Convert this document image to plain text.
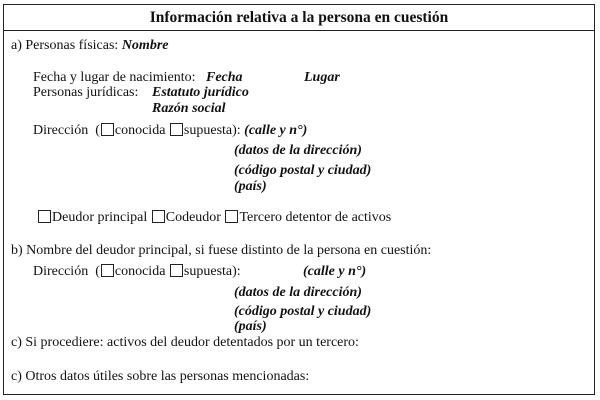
Información relativa a la persona en cuestión
a) Personas físicas: Nombre
Fecha y lugar de nacimiento: Fecha	Lugar
Personas jurídicas: Estatuto jurídico
Razón social
Dirección ( conocida supuesta): (calle y n°)
(datos de la dirección)
(código postal y ciudad)
(país)
Deudor principal Codeudor Tercero detentor de activos
b) Nombre del deudor principal, si fuese distinto de la persona en cuestión:
Dirección ( conocida supuesta):	(calle y n°)
(datos de la dirección)
(código postal y ciudad)
(país)
c) Si procediere: activos del deudor detentados por un tercero:
c) Otros datos útiles sobre las personas mencionadas:
